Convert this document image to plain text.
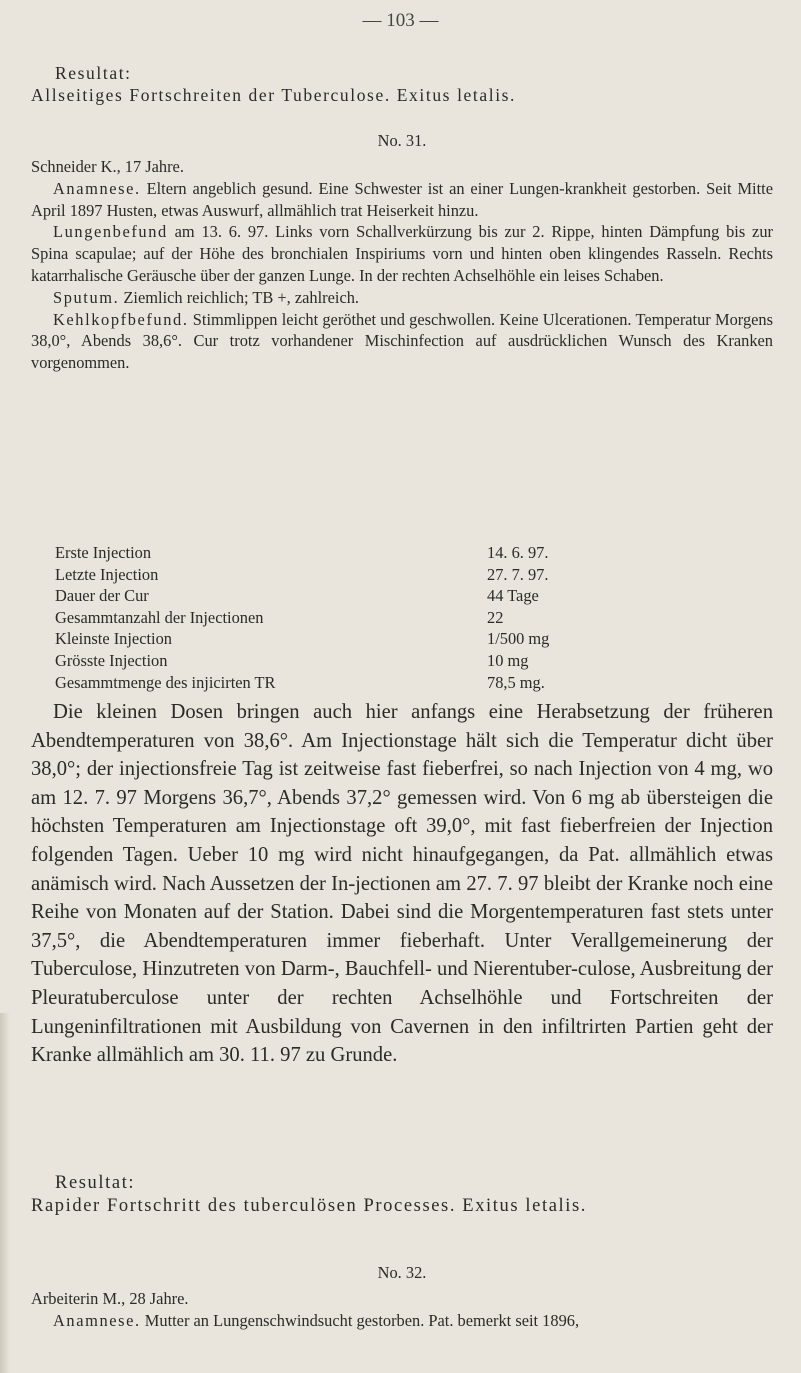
— 103 —

Resultat:

Allseitiges Fortschreiten der Tuberculose. Exitus letalis.

No. 31.

Schneider K., 17 Jahre.

Anamnese. Eltern angeblich gesund. Eine Schwester ist an einer Lungen-krankheit gestorben. Seit Mitte April 1897 Husten, etwas Auswurf, allmählich trat Heiserkeit hinzu.

Lungenbefund am 13. 6. 97. Links vorn Schallverkürzung bis zur 2. Rippe, hinten Dämpfung bis zur Spina scapulae; auf der Höhe des bronchialen Inspiriums vorn und hinten oben klingendes Rasseln. Rechts katarrhalische Geräusche über der ganzen Lunge. In der rechten Achselhöhle ein leises Schaben.

Sputum. Ziemlich reichlich; TB +, zahlreich.

Kehlkopfbefund. Stimmlippen leicht geröthet und geschwollen. Keine Ulcerationen. Temperatur Morgens 38,0°, Abends 38,6°. Cur trotz vorhandener Mischinfection auf ausdrücklichen Wunsch des Kranken vorgenommen.

Erste Injection	14. 6. 97.
Letzte Injection	27. 7. 97.
Dauer der Cur	44 Tage
Gesammtanzahl der Injectionen	22
Kleinste Injection	1/500 mg
Grösste Injection	10 mg
Gesammtmenge des injicirten TR	78,5 mg.

Die kleinen Dosen bringen auch hier anfangs eine Herabsetzung der früheren Abendtemperaturen von 38,6°. Am Injectionstage hält sich die Temperatur dicht über 38,0°; der injectionsfreie Tag ist zeitweise fast fieberfrei, so nach Injection von 4 mg, wo am 12. 7. 97 Morgens 36,7°, Abends 37,2° gemessen wird. Von 6 mg ab übersteigen die höchsten Temperaturen am Injectionstage oft 39,0°, mit fast fieberfreien der Injection folgenden Tagen. Ueber 10 mg wird nicht hinaufgegangen, da Pat. allmählich etwas anämisch wird. Nach Aussetzen der In-jectionen am 27. 7. 97 bleibt der Kranke noch eine Reihe von Monaten auf der Station. Dabei sind die Morgentemperaturen fast stets unter 37,5°, die Abendtemperaturen immer fieberhaft. Unter Verallgemeinerung der Tuberculose, Hinzutreten von Darm-, Bauchfell- und Nierentuber-culose, Ausbreitung der Pleuratuberculose unter der rechten Achselhöhle und Fortschreiten der Lungeninfiltrationen mit Ausbildung von Cavernen in den infiltrirten Partien geht der Kranke allmählich am 30. 11. 97 zu Grunde.

Resultat:

Rapider Fortschritt des tuberculösen Processes. Exitus letalis.

No. 32.

Arbeiterin M., 28 Jahre.

Anamnese. Mutter an Lungenschwindsucht gestorben. Pat. bemerkt seit 1896,
